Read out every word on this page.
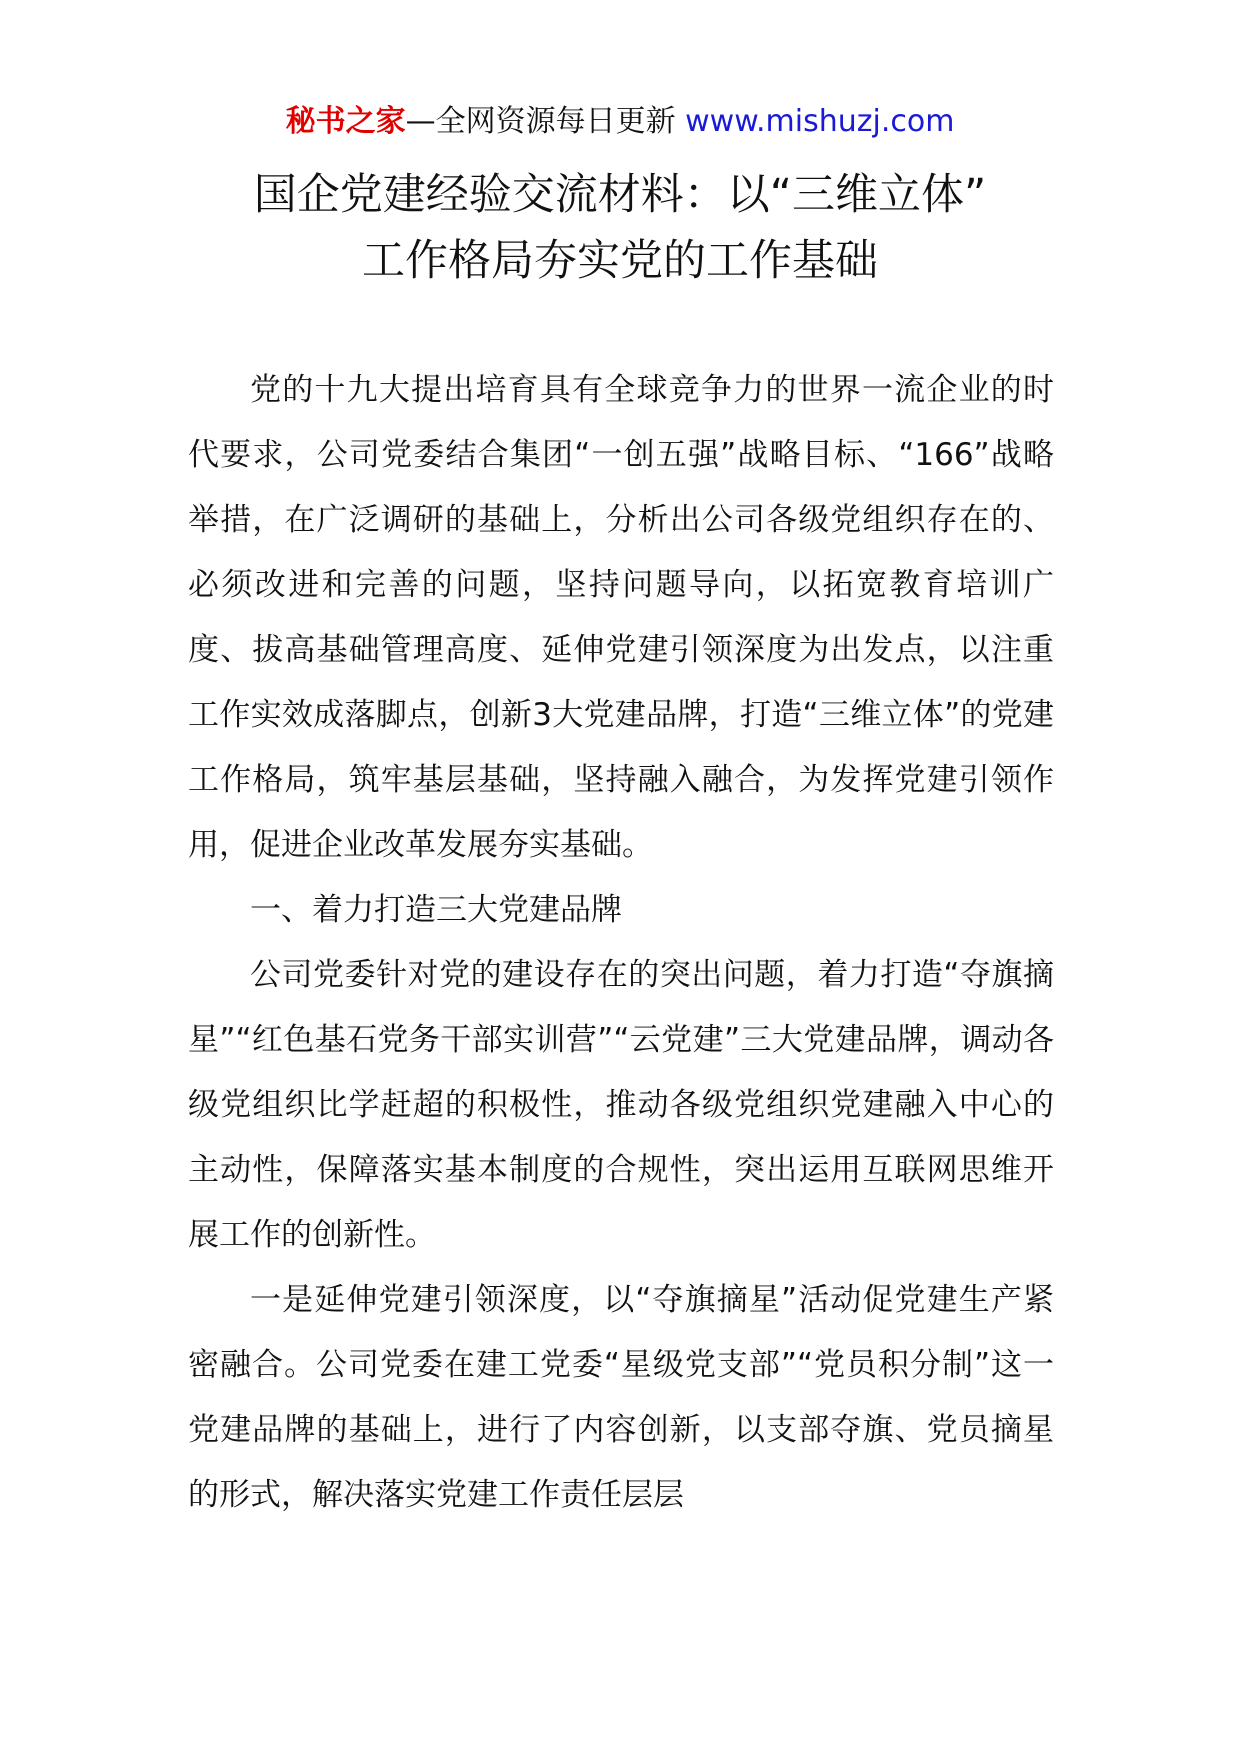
秘书之家—全网资源每日更新 www.mishuzj.com
国企党建经验交流材料：以“三维立体”
工作格局夯实党的工作基础

党的十九大提出培育具有全球竞争力的世界一流企业的时代要求，公司党委结合集团“一创五强”战略目标、“166”战略举措，在广泛调研的基础上，分析出公司各级党组织存在的、必须改进和完善的问题，坚持问题导向，以拓宽教育培训广度、拔高基础管理高度、延伸党建引领深度为出发点，以注重工作实效成落脚点，创新3大党建品牌，打造“三维立体”的党建工作格局，筑牢基层基础，坚持融入融合，为发挥党建引领作用，促进企业改革发展夯实基础。

一、着力打造三大党建品牌

公司党委针对党的建设存在的突出问题，着力打造“夺旗摘星”“红色基石党务干部实训营”“云党建”三大党建品牌，调动各级党组织比学赶超的积极性，推动各级党组织党建融入中心的主动性，保障落实基本制度的合规性，突出运用互联网思维开展工作的创新性。

一是延伸党建引领深度，以“夺旗摘星”活动促党建生产紧密融合。公司党委在建工党委“星级党支部”“党员积分制”这一党建品牌的基础上，进行了内容创新，以支部夺旗、党员摘星的形式，解决落实党建工作责任层层
